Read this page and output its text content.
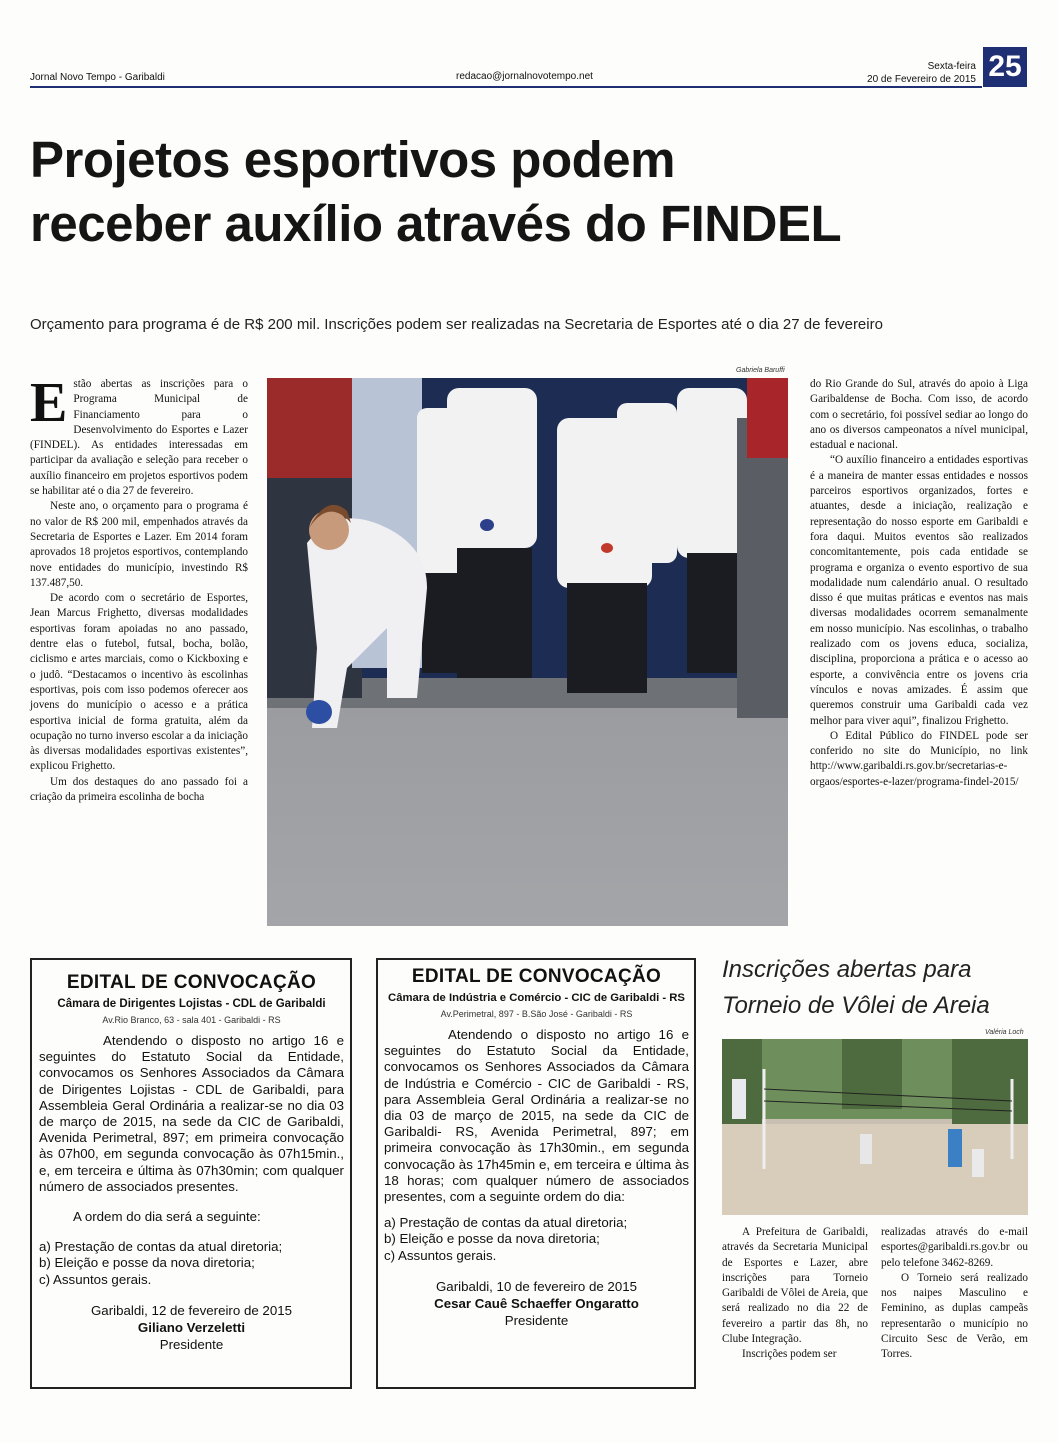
Jornal Novo Tempo - Garibaldi	redacao@jornalnovotempo.net
Sexta-feira
20 de Fevereiro de 2015 25
Projetos esportivos podem
receber auxílio através do FINDEL
Orçamento para programa é de R$ 200 mil. Inscrições podem ser realizadas na Secretaria de Esportes até o dia 27 de fevereiro

Estão abertas as inscrições para o Programa Municipal de Financiamento para o Desenvolvimento do Esportes e Lazer (FINDEL). As entidades interessadas em participar da avaliação e seleção para receber o auxílio financeiro em projetos esportivos podem se habilitar até o dia 27 de fevereiro.

Neste ano, o orçamento para o programa é no valor de R$ 200 mil, empenhados através da Secretaria de Esportes e Lazer. Em 2014 foram aprovados 18 projetos esportivos, contemplando nove entidades do município, investindo R$ 137.487,50.

De acordo com o secretário de Esportes, Jean Marcus Frighetto, diversas modalidades esportivas foram apoiadas no ano passado, dentre elas o futebol, futsal, bocha, bolão, ciclismo e artes marciais, como o Kickboxing e o judô. “Destacamos o incentivo às escolinhas esportivas, pois com isso podemos oferecer aos jovens do município o acesso e a prática esportiva inicial de forma gratuita, além da ocupação no turno inverso escolar a da iniciação às diversas modalidades esportivas existentes”, explicou Frighetto.

Um dos destaques do ano passado foi a criação da primeira escolinha de bocha

Gabriela Baruffi

do Rio Grande do Sul, através do apoio à Liga Garibaldense de Bocha. Com isso, de acordo com o secretário, foi possível sediar ao longo do ano os diversos campeonatos a nível municipal, estadual e nacional.

“O auxílio financeiro a entidades esportivas é a maneira de manter essas entidades e nossos parceiros esportivos organizados, fortes e atuantes, desde a iniciação, realização e representação do nosso esporte em Garibaldi e fora daqui. Muitos eventos são realizados concomitantemente, pois cada entidade se programa e organiza o evento esportivo de sua modalidade num calendário anual. O resultado disso é que muitas práticas e eventos nas mais diversas modalidades ocorrem semanalmente em nosso município. Nas escolinhas, o trabalho realizado com os jovens educa, socializa, disciplina, proporciona a prática e o acesso ao esporte, a convivência entre os jovens cria vínculos e novas amizades. É assim que queremos construir uma Garibaldi cada vez melhor para viver aqui”, finalizou Frighetto.

O Edital Público do FINDEL pode ser conferido no site do Município, no link http://www.garibaldi.rs.gov.br/secretarias-e-orgaos/esportes-e-lazer/programa-findel-2015/

EDITAL DE CONVOCAÇÃO
Câmara de Dirigentes Lojistas - CDL de Garibaldi
Av.Rio Branco, 63 - sala 401 - Garibaldi - RS
Atendendo o disposto no artigo 16 e seguintes do Estatuto Social da Entidade, convocamos os Senhores Associados da Câmara de Dirigentes Lojistas - CDL de Garibaldi, para Assembleia Geral Ordinária a realizar-se no dia 03 de março de 2015, na sede da CIC de Garibaldi, Avenida Perimetral, 897; em primeira convocação às 07h00, em segunda convocação às 07h15min., e, em terceira e última às 07h30min; com qualquer número de associados presentes.
A ordem do dia será a seguinte:
a) Prestação de contas da atual diretoria;
b) Eleição e posse da nova diretoria;
c) Assuntos gerais.
Garibaldi, 12 de fevereiro de 2015
Giliano Verzeletti
Presidente
EDITAL DE CONVOCAÇÃO
Câmara de Indústria e Comércio - CIC de Garibaldi - RS
Av.Perimetral, 897 - B.São José - Garibaldi - RS
Atendendo o disposto no artigo 16 e seguintes do Estatuto Social da Entidade, convocamos os Senhores Associados da Câmara de Indústria e Comércio - CIC de Garibaldi - RS, para Assembleia Geral Ordinária a realizar-se no dia 03 de março de 2015, na sede da CIC de Garibaldi- RS, Avenida Perimetral, 897; em primeira convocação às 17h30min., em segunda convocação às 17h45min e, em terceira e última às 18 horas; com qualquer número de associados presentes, com a seguinte ordem do dia:
a) Prestação de contas da atual diretoria;
b) Eleição e posse da nova diretoria;
c) Assuntos gerais.
Garibaldi, 10 de fevereiro de 2015
Cesar Cauê Schaeffer Ongaratto
Presidente
Inscrições abertas para
Torneio de Vôlei de Areia
Valéria Loch

A Prefeitura de Garibaldi, através da Secretaria Municipal de Esportes e Lazer, abre inscrições para Torneio Garibaldi de Vôlei de Areia, que será realizado no dia 22 de fevereiro a partir das 8h, no Clube Integração.

Inscrições podem ser

realizadas através do e-mail esportes@garibaldi.rs.gov.br ou pelo telefone 3462-8269.

O Torneio será realizado nos naipes Masculino e Feminino, as duplas campeãs representarão o município no Circuito Sesc de Verão, em Torres.
